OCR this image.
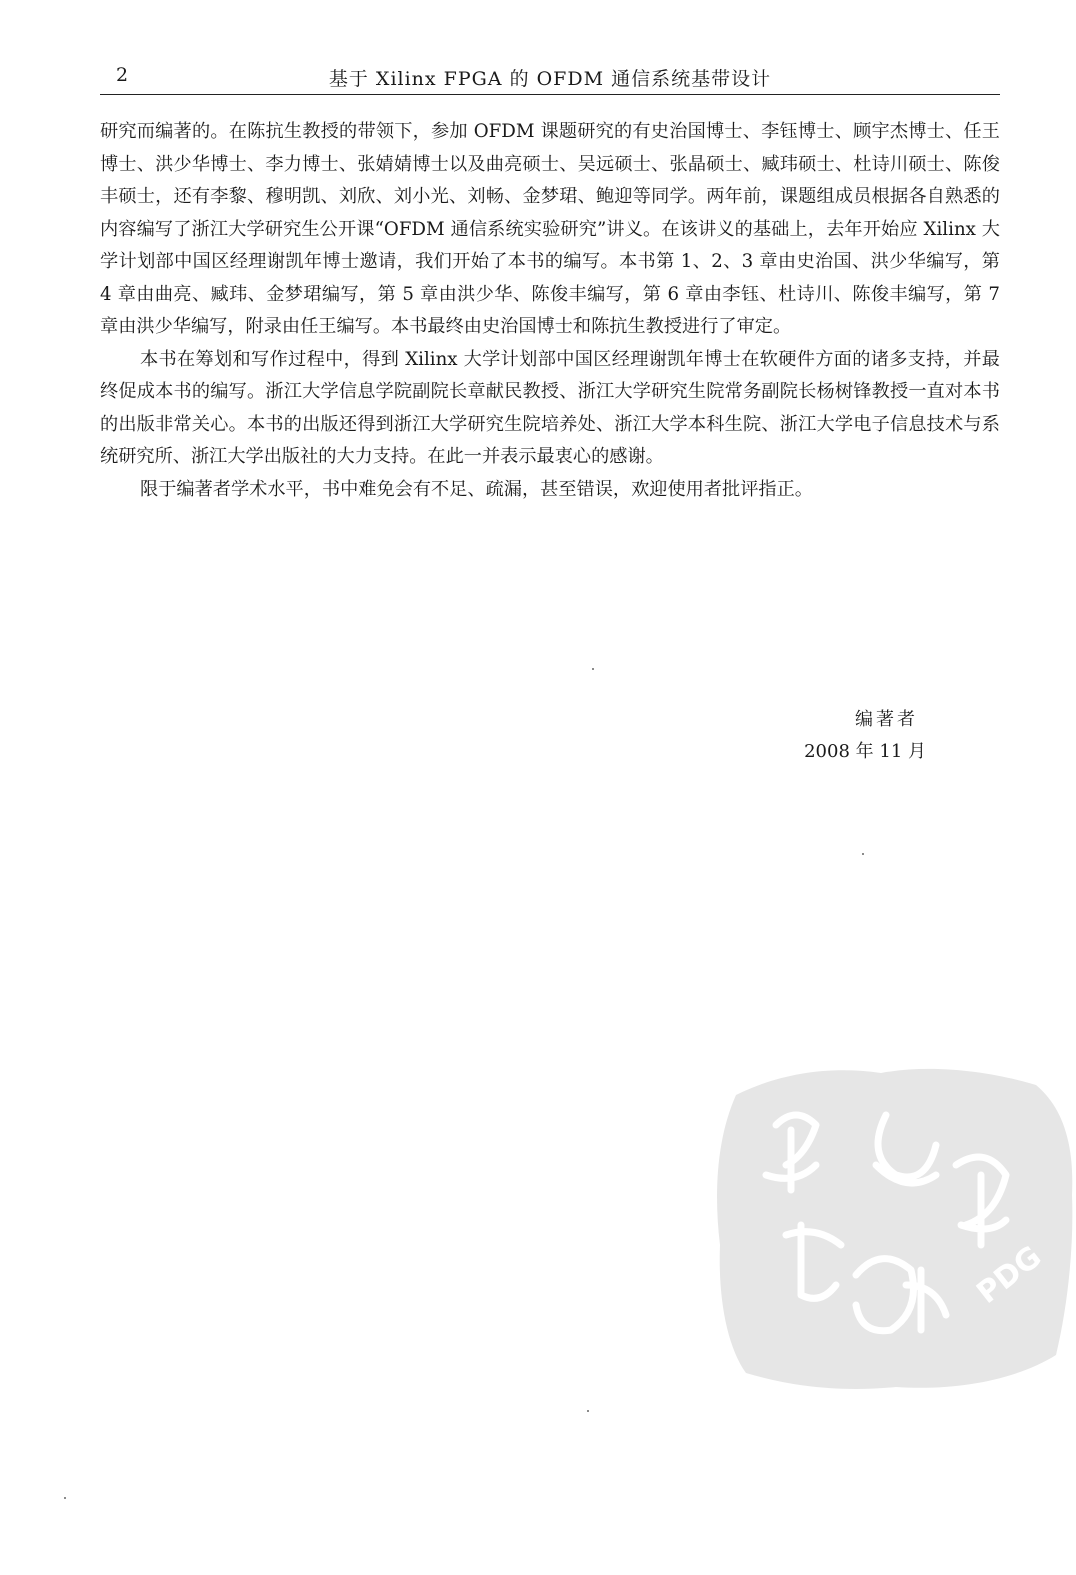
2	基于 Xilinx FPGA 的 OFDM 通信系统基带设计

研究而编著的。在陈抗生教授的带领下，参加 OFDM 课题研究的有史治国博士、李钰博士、顾宇杰博士、任王博士、洪少华博士、李力博士、张婧婧博士以及曲亮硕士、吴远硕士、张晶硕士、臧玮硕士、杜诗川硕士、陈俊丰硕士，还有李黎、穆明凯、刘欣、刘小光、刘畅、金梦珺、鲍迎等同学。两年前，课题组成员根据各自熟悉的内容编写了浙江大学研究生公开课“OFDM 通信系统实验研究”讲义。在该讲义的基础上，去年开始应 Xilinx 大学计划部中国区经理谢凯年博士邀请，我们开始了本书的编写。本书第 1、2、3 章由史治国、洪少华编写，第 4 章由曲亮、臧玮、金梦珺编写，第 5 章由洪少华、陈俊丰编写，第 6 章由李钰、杜诗川、陈俊丰编写，第 7 章由洪少华编写，附录由任王编写。本书最终由史治国博士和陈抗生教授进行了审定。

本书在筹划和写作过程中，得到 Xilinx 大学计划部中国区经理谢凯年博士在软硬件方面的诸多支持，并最终促成本书的编写。浙江大学信息学院副院长章献民教授、浙江大学研究生院常务副院长杨树锋教授一直对本书的出版非常关心。本书的出版还得到浙江大学研究生院培养处、浙江大学本科生院、浙江大学电子信息技术与系统研究所、浙江大学出版社的大力支持。在此一并表示最衷心的感谢。

限于编著者学术水平，书中难免会有不足、疏漏，甚至错误，欢迎使用者批评指正。

编著者
2008 年 11 月
读
PDG
